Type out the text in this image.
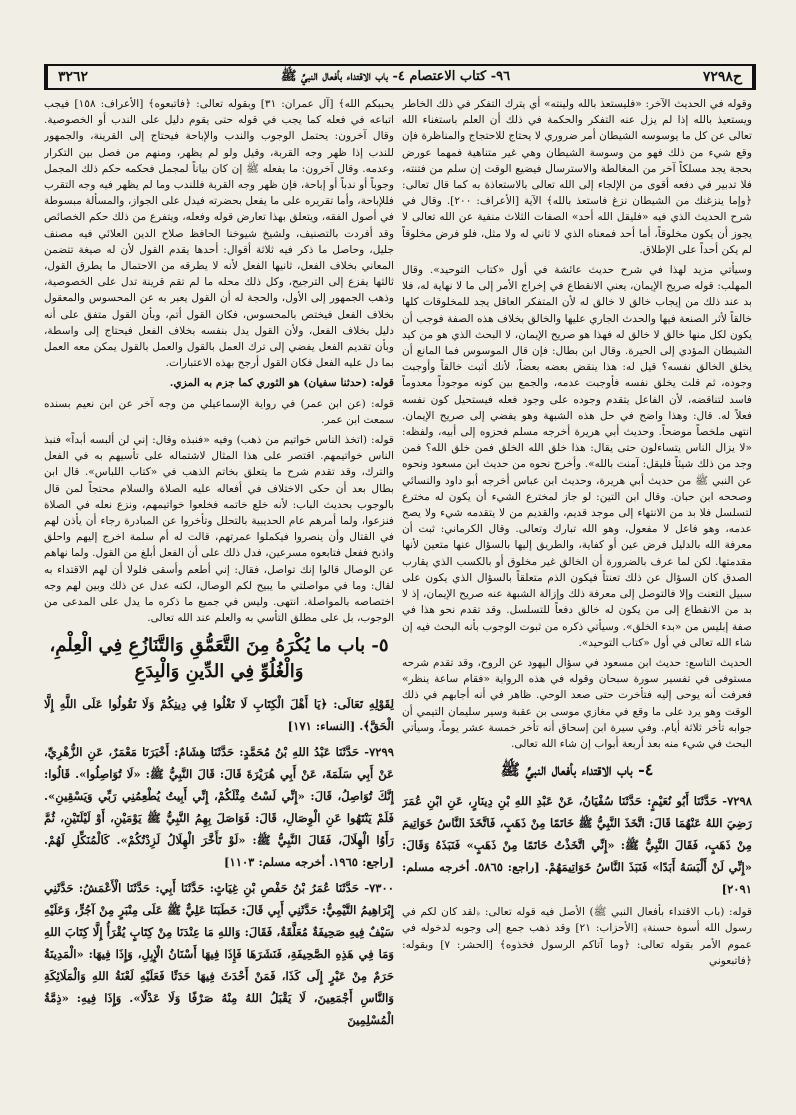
ح٧٢٩٨
٩٦- كتاب الاعتصام ٤- باب الاقتداء بأفعال النبيِّ ﷺ
٣٢٦٢

وقوله في الحديث الآخر: «فليستعذ بالله ولينته» أي يترك التفكر في ذلك الخاطر ويستعيذ بالله إذا لم يزل عنه التفكر والحكمة في ذلك أن العلم باستغناء الله تعالى عن كل ما يوسوسه الشيطان أمر ضروري لا يحتاج للاحتجاج والمناظرة فإن وقع شيء من ذلك فهو من وسوسة الشيطان وهي غير متناهية فمهما عورض بحجة يجد مسلكاً آخر من المغالطة والاسترسال فيضيع الوقت إن سلم من فتنته، فلا تدبير في دفعه أقوى من الإلجاء إلى الله تعالى بالاستعاذة به كما قال تعالى: ﴿وإما ينزغنك من الشيطان نزغ فاستعذ بالله﴾ الآية [الأعراف: ٢٠٠]. وقال في شرح الحديث الذي فيه «فليقل الله أحد» الصفات الثلاث منفية عن الله تعالى لا يجوز أن يكون مخلوقاً، أما أحد فمعناه الذي لا ثاني له ولا مثل، فلو فرض مخلوقاً لم يكن أحداً على الإطلاق.

وسيأتي مزيد لهذا في شرح حديث عائشة في أول «كتاب التوحيد». وقال المهلب: قوله صريح الإيمان، يعني الانقطاع في إخراج الأمر إلى ما لا نهاية له، فلا بد عند ذلك من إيجاب خالق لا خالق له لأن المتفكر العاقل يجد للمخلوقات كلها خالقاً لأثر الصنعة فيها والحدث الجاري عليها والخالق بخلاف هذه الصفة فوجب أن يكون لكل منها خالق لا خالق له فهذا هو صريح الإيمان، لا البحث الذي هو من كيد الشيطان المؤدي إلى الحيرة. وقال ابن بطال: فإن قال الموسوس فما المانع أن يخلق الخالق نفسه؟ قيل له: هذا ينقض بعضه بعضاً، لأنك أثبت خالقاً وأوجبت وجوده، ثم قلت يخلق نفسه فأوجبت عدمه، والجمع بين كونه موجوداً معدوماً فاسد لتناقضه، لأن الفاعل يتقدم وجوده على وجود فعله فيستحيل كون نفسه فعلاً له. قال: وهذا واضح في حل هذه الشبهة وهو يفضي إلى صريح الإيمان. انتهى ملخصاً موضحاً. وحديث أبي هريرة أخرجه مسلم فحزوه إلى أبيه، ولفظه: «لا يزال الناس يتساءلون حتى يقال: هذا خلق الله الخلق فمن خلق الله؟ فمن وجد من ذلك شيئاً فليقل: آمنت بالله». وأخرج نحوه من حديث ابن مسعود ونحوه عن النبي ﷺ من حديث أبي هريرة، وحديث ابن عباس أخرجه أبو داود والنسائي وصححه ابن حبان. وقال ابن التين: لو جاز لمخترع الشيء أن يكون له مخترع لتسلسل فلا بد من الانتهاء إلى موجد قديم، والقديم من لا يتقدمه شيء ولا يصح عدمه، وهو فاعل لا مفعول، وهو الله تبارك وتعالى. وقال الكرماني: ثبت أن معرفة الله بالدليل فرض عين أو كفاية، والطريق إليها بالسؤال عنها متعين لأنها مقدمتها. لكن لما عرف بالضرورة أن الخالق غير مخلوق أو بالكسب الذي يقارب الصدق كان السؤال عن ذلك تعنتاً فيكون الذم متعلقاً بالسؤال الذي يكون على سبيل التعنت وإلا فالتوصل إلى معرفة ذلك وإزالة الشبهة عنه صريح الإيمان، إذ لا بد من الانقطاع إلى من يكون له خالق دفعاً للتسلسل. وقد تقدم نحو هذا في صفة إبليس من «بدء الخلق». وسيأتي ذكره من ثبوت الوجوب بأنه البحث فيه إن شاء الله تعالى في أول «كتاب التوحيد».

الحديث التاسع: حديث ابن مسعود في سؤال اليهود عن الروح، وقد تقدم شرحه مستوفى في تفسير سورة سبحان وقوله في هذه الرواية «فقام ساعة ينظر» فعرفت أنه يوحى إليه فتأخرت حتى صعد الوحي. ظاهر في أنه أجابهم في ذلك الوقت وهو يرد على ما وقع في مغازي موسى بن عقبة وسير سليمان التيمي أن جوابه تأخر ثلاثة أيام. وفي سيرة ابن إسحاق أنه تأخر خمسة عشر يوماً، وسيأتي البحث في شيء منه بعد أربعة أبواب إن شاء الله تعالى.

٤- باب الاقتداء بأفعال النبيِّ ﷺ

٧٢٩٨- حَدَّثَنَا أَبُو نُعَيْمٍ: حَدَّثَنَا سُفْيَانُ، عَنْ عَبْدِ اللهِ بْنِ دِينَارٍ، عَنِ ابْنِ عُمَرَ رَضِيَ اللهُ عَنْهُمَا قَالَ: اتَّخَذَ النَّبِيُّ ﷺ خَاتَمًا مِنْ ذَهَبٍ، فَاتَّخَذَ النَّاسُ خَوَاتِيمَ مِنْ ذَهَبٍ، فَقَالَ النَّبِيُّ ﷺ: «إِنِّي اتَّخَذْتُ خَاتَمًا مِنْ ذَهَبٍ» فَنَبَذَهُ وَقَالَ: «إِنِّي لَنْ أَلْبَسَهُ أَبَدًا» فَنَبَذَ النَّاسُ خَوَاتِيمَهُمْ. [راجع: ٥٨٦٥. أخرجه مسلم: ٢٠٩١]

قوله: (باب الاقتداء بأفعال النبي ﷺ) الأصل فيه قوله تعالى: ﴿لقد كان لكم في رسول الله أسوة حسنة﴾ [الأحزاب: ٢١] وقد ذهب جمع إلى وجوبه لدخوله في عموم الأمر بقوله تعالى: ﴿وما آتاكم الرسول فخذوه﴾ [الحشر: ٧] وبقوله: ﴿فاتبعوني

يحببكم الله﴾ [آل عمران: ٣١] وبقوله تعالى: ﴿فاتبعوه﴾ [الأعراف: ١٥٨] فيجب اتباعه في فعله كما يجب في قوله حتى يقوم دليل على الندب أو الخصوصية. وقال آخرون: يحتمل الوجوب والندب والإباحة فيحتاج إلى القرينة، والجمهور للندب إذا ظهر وجه القربة، وقيل ولو لم يظهر، ومنهم من فصل بين التكرار وعدمه. وقال آخرون: ما يفعله ﷺ إن كان بياناً لمجمل فحكمه حكم ذلك المجمل وجوباً أو ندباً أو إباحة، فإن ظهر وجه القربة فللندب وما لم يظهر فيه وجه التقرب فللإباحة، وأما تقريره على ما يفعل بحضرته فيدل على الجواز، والمسألة مبسوطة في أصول الفقه، ويتعلق بهذا تعارض قوله وفعله، ويتفرع من ذلك حكم الخصائص وقد أفردت بالتصنيف، ولشيخ شيوخنا الحافظ صلاح الدين العلائي فيه مصنف جليل، وحاصل ما ذكر فيه ثلاثة أقوال: أحدها يقدم القول لأن له صيغة تتضمن المعاني بخلاف الفعل، ثانيها الفعل لأنه لا يطرقه من الاحتمال ما يطرق القول، ثالثها يفزع إلى الترجيح، وكل ذلك محله ما لم تقم قرينة تدل على الخصوصية، وذهب الجمهور إلى الأول، والحجة له أن القول يعبر به عن المحسوس والمعقول بخلاف الفعل فيختص بالمحسوس، فكان القول أتم، وبأن القول متفق على أنه دليل بخلاف الفعل، ولأن القول يدل بنفسه بخلاف الفعل فيحتاج إلى واسطة، وبأن تقديم الفعل يفضي إلى ترك العمل بالقول والعمل بالقول يمكن معه العمل بما دل عليه الفعل فكان القول أرجح بهذه الاعتبارات.

قوله: (حدثنا سفيان) هو الثوري كما جزم به المزي.

قوله: (عن ابن عمر) في رواية الإسماعيلي من وجه آخر عن ابن نعيم بسنده سمعت ابن عمر.

قوله: (اتخذ الناس خواتيم من ذهب) وفيه «فنبذه وقال: إني لن ألبسه أبداً» فنبذ الناس خواتيمهم. اقتصر على هذا المثال لاشتماله على تأسيهم به في الفعل والترك، وقد تقدم شرح ما يتعلق بخاتم الذهب في «كتاب اللباس». قال ابن بطال بعد أن حكى الاختلاف في أفعاله عليه الصلاة والسلام محتجاً لمن قال بالوجوب بحديث الباب: لأنه خلع خاتمه فخلعوا خواتيمهم، ونزع نعله في الصلاة فنزعوا، ولما أمرهم عام الحديبية بالتحلل وتأخروا عن المبادرة رجاء أن يأذن لهم في القتال وأن ينصروا فيكملوا عمرتهم، قالت له أم سلمة اخرج إليهم واحلق واذبح ففعل فتابعوه مسرعين، فدل ذلك على أن الفعل أبلغ من القول. ولما نهاهم عن الوصال قالوا إنك تواصل، فقال: إني أطعم وأسقى فلولا أن لهم الاقتداء به لقال: وما في مواصلتي ما يبيح لكم الوصال، لكنه عدل عن ذلك وبين لهم وجه اختصاصه بالمواصلة. انتهى. وليس في جميع ما ذكره ما يدل على المدعى من الوجوب، بل على مطلق التأسي به والعلم عند الله تعالى.

٥- باب ما يُكْرَهُ مِنَ التَّعَمُّقِ وَالتَّنَازُعِ فِي الْعِلْمِ،
وَالْغُلُوِّ فِي الدِّينِ وَالْبِدَعِ

لِقَوْلِهِ تَعَالَى: ﴿يَا أَهْلَ الْكِتَابِ لَا تَغْلُوا فِي دِينِكُمْ وَلَا تَقُولُوا عَلَى اللَّهِ إِلَّا الْحَقَّ﴾. [النساء: ١٧١]

٧٢٩٩- حَدَّثَنَا عَبْدُ اللهِ بْنُ مُحَمَّدٍ: حَدَّثَنَا هِشَامٌ: أَخْبَرَنَا مَعْمَرٌ، عَنِ الزُّهْرِيِّ، عَنْ أَبِي سَلَمَةَ، عَنْ أَبِي هُرَيْرَةَ قَالَ: قَالَ النَّبِيُّ ﷺ: «لَا تُوَاصِلُوا». قَالُوا: إِنَّكَ تُوَاصِلُ، قَالَ: «إِنِّي لَسْتُ مِثْلَكُمْ، إِنِّي أَبِيتُ يُطْعِمُنِي رَبِّي وَيَسْقِينِ». فَلَمْ يَنْتَهُوا عَنِ الْوِصَالِ، قَالَ: فَوَاصَلَ بِهِمُ النَّبِيُّ ﷺ يَوْمَيْنِ، أَوْ لَيْلَتَيْنِ، ثُمَّ رَأَوُا الْهِلَالَ، فَقَالَ النَّبِيُّ ﷺ: «لَوْ تَأَخَّرَ الْهِلَالُ لَزِدْتُكُمْ». كَالْمُنَكِّلِ لَهُمْ. [راجع: ١٩٦٥. أخرجه مسلم: ١١٠٣]

٧٣٠٠- حَدَّثَنَا عُمَرُ بْنُ حَفْصِ بْنِ غِيَاثٍ: حَدَّثَنَا أَبِي: حَدَّثَنَا الْأَعْمَشُ: حَدَّثَنِي إِبْرَاهِيمُ التَّيْمِيُّ: حَدَّثَنِي أَبِي قَالَ: خَطَبَنَا عَلِيٌّ ﷺ عَلَى مِنْبَرٍ مِنْ آجُرٍّ، وَعَلَيْهِ سَيْفٌ فِيهِ صَحِيفَةٌ مُعَلَّقَةٌ، فَقَالَ: وَاللهِ مَا عِنْدَنَا مِنْ كِتَابٍ يُقْرَأُ إِلَّا كِتَابَ اللهِ وَمَا فِي هَذِهِ الصَّحِيفَةِ، فَنَشَرَهَا فَإِذَا فِيهَا أَسْنَانُ الْإِبِلِ، وَإِذَا فِيهَا: «الْمَدِينَةُ حَرَمٌ مِنْ عَيْرٍ إِلَى كَذَا، فَمَنْ أَحْدَثَ فِيهَا حَدَثًا فَعَلَيْهِ لَعْنَةُ اللهِ وَالْمَلَائِكَةِ وَالنَّاسِ أَجْمَعِينَ، لَا يَقْبَلُ اللهُ مِنْهُ صَرْفًا وَلَا عَدْلًا». وَإِذَا فِيهِ: «ذِمَّةُ الْمُسْلِمِينَ
